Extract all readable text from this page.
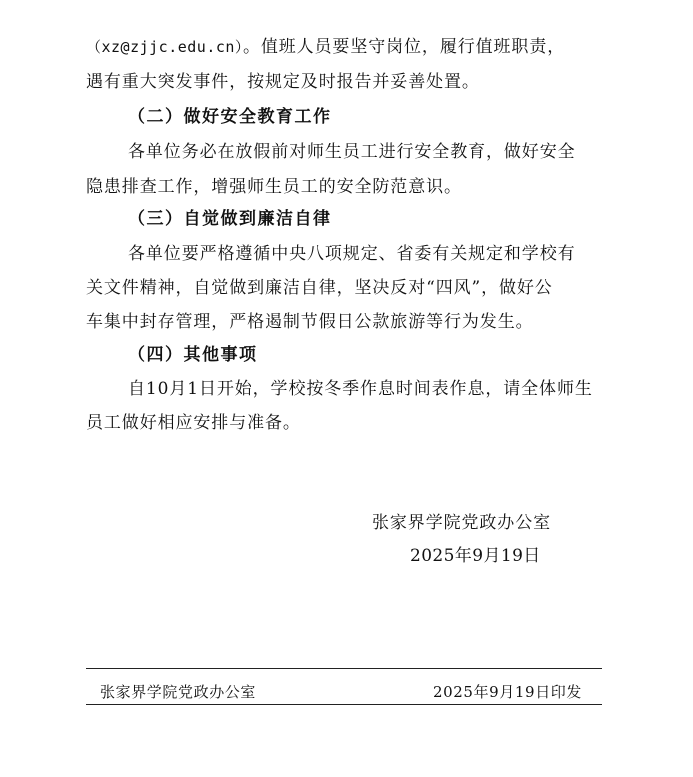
（xz@zjjc.edu.cn）。值班人员要坚守岗位，履行值班职责，
遇有重大突发事件，按规定及时报告并妥善处置。
（二）做好安全教育工作
各单位务必在放假前对师生员工进行安全教育，做好安全
隐患排查工作，增强师生员工的安全防范意识。
（三）自觉做到廉洁自律
各单位要严格遵循中央八项规定、省委有关规定和学校有
关文件精神，自觉做到廉洁自律，坚决反对“四风”，做好公
车集中封存管理，严格遏制节假日公款旅游等行为发生。
（四）其他事项
自10月1日开始，学校按冬季作息时间表作息，请全体师生
员工做好相应安排与准备。
张家界学院党政办公室
2025年9月19日
张家界学院党政办公室	2025年9月19日印发
